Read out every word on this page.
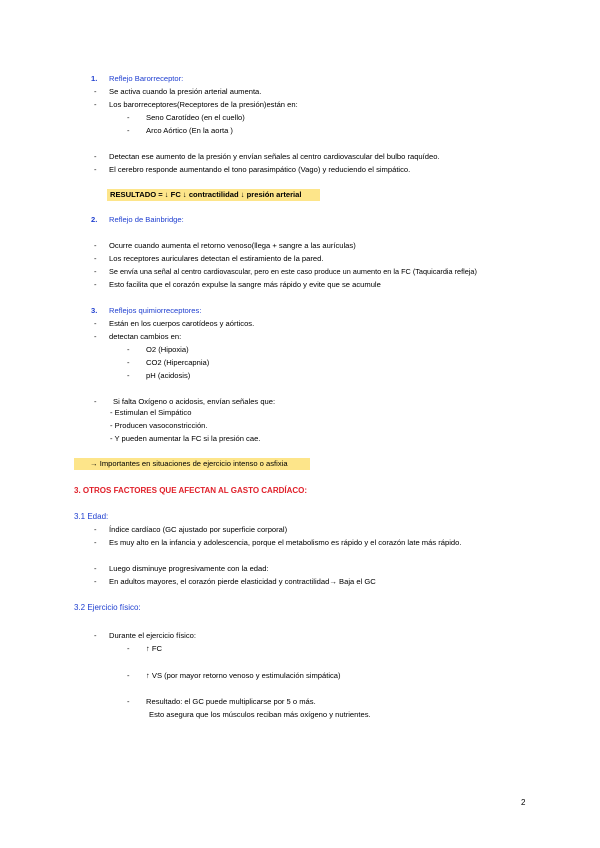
1. Reflejo Barorreceptor:
- Se activa cuando la presión arterial aumenta.
- Los barorreceptores(Receptores de la presión)están en:
- Seno Carotídeo (en el cuello)
- Arco Aórtico (En la aorta )
- Detectan ese aumento de la presión y envían señales al centro cardiovascular del bulbo raquídeo.
- El cerebro responde aumentando el tono parasimpático (Vago) y reduciendo el simpático.
RESULTADO = ↓ FC ↓ contractilidad ↓ presión arterial
2. Reflejo de Bainbridge:
- Ocurre cuando aumenta el retorno venoso(llega + sangre a las aurículas)
- Los receptores auriculares detectan el estiramiento de la pared.
- Se envía una señal al centro cardiovascular, pero en este caso produce un aumento en la FC (Taquicardia refleja)
- Esto facilita que el corazón expulse la sangre más rápido y evite que se acumule
3. Reflejos quimiorreceptores:
- Están en los cuerpos carotídeos y aórticos.
- detectan cambios en:
- O2 (Hipoxia)
- CO2 (Hipercapnia)
- pH (acidosis)
- Si falta Oxígeno o acidosis, envían señales que:
- Estimulan el Simpático
- Producen vasoconstricción.
- Y pueden aumentar la FC si la presión cae.
→ Importantes en situaciones de ejercicio intenso o asfixia
3. OTROS FACTORES QUE AFECTAN AL GASTO CARDÍACO:
3.1 Edad:
- Índice cardíaco (GC ajustado por superficie corporal)
- Es muy alto en la infancia y adolescencia, porque el metabolismo es rápido y el corazón late más rápido.
- Luego disminuye progresivamente con la edad:
- En adultos mayores, el corazón pierde elasticidad y contractilidad→ Baja el GC
3.2 Ejercicio físico:
- Durante el ejercicio físico:
- ↑ FC
- ↑ VS (por mayor retorno venoso y estimulación simpática)
- Resultado: el GC puede multiplicarse por 5 o más.
Esto asegura que los músculos reciban más oxígeno y nutrientes.
2
